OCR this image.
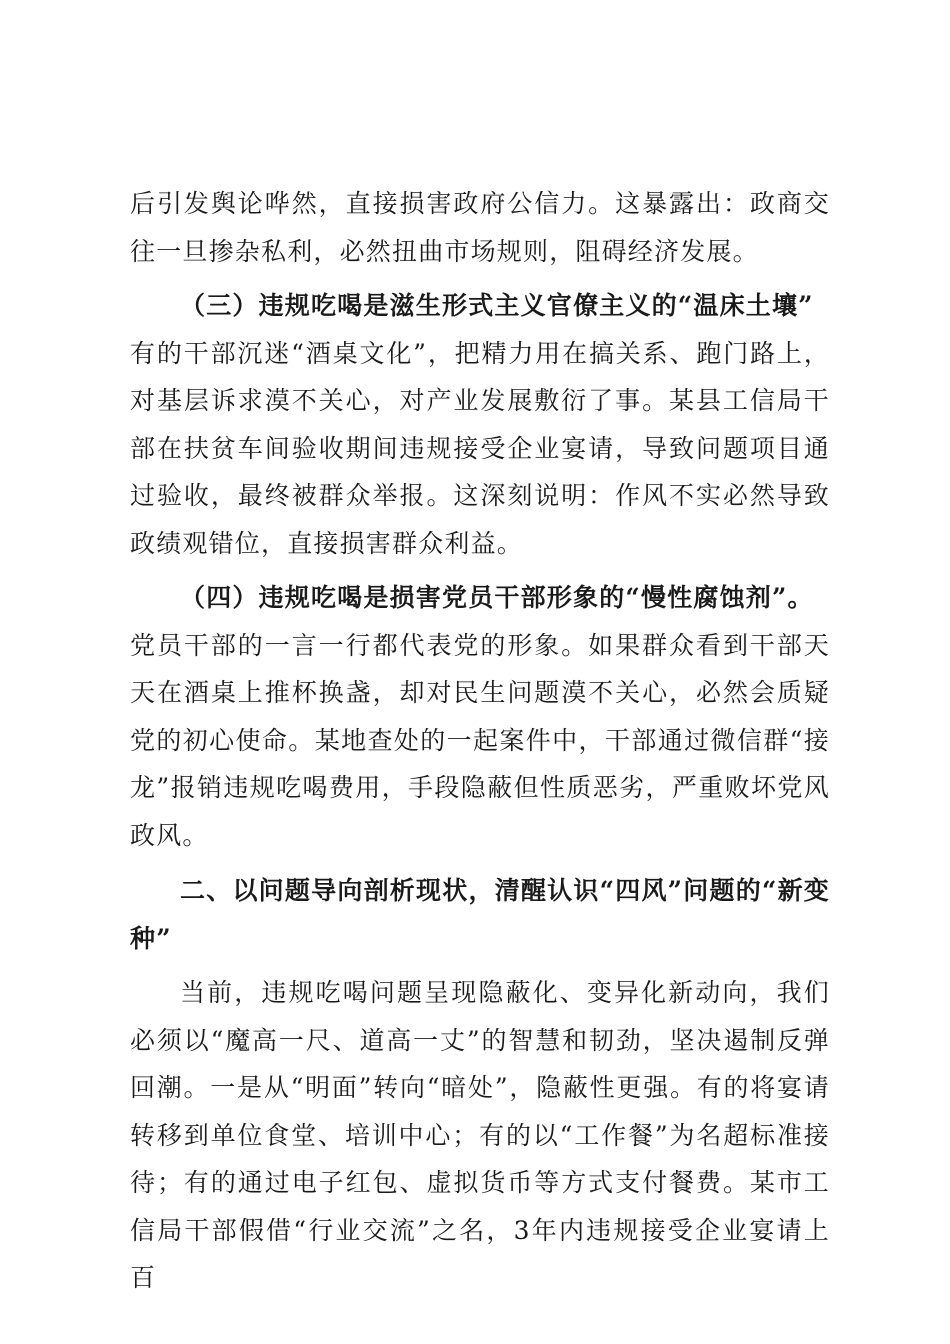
后引发舆论哗然，直接损害政府公信力。这暴露出：政商交往一旦掺杂私利，必然扭曲市场规则，阻碍经济发展。

（三）违规吃喝是滋生形式主义官僚主义的“温床土壤”

有的干部沉迷“酒桌文化”，把精力用在搞关系、跑门路上，对基层诉求漠不关心，对产业发展敷衍了事。某县工信局干部在扶贫车间验收期间违规接受企业宴请，导致问题项目通过验收，最终被群众举报。这深刻说明：作风不实必然导致政绩观错位，直接损害群众利益。

（四）违规吃喝是损害党员干部形象的“慢性腐蚀剂”。

党员干部的一言一行都代表党的形象。如果群众看到干部天天在酒桌上推杯换盏，却对民生问题漠不关心，必然会质疑党的初心使命。某地查处的一起案件中，干部通过微信群“接龙”报销违规吃喝费用，手段隐蔽但性质恶劣，严重败坏党风政风。

二、以问题导向剖析现状，清醒认识“四风”问题的“新变种”

当前，违规吃喝问题呈现隐蔽化、变异化新动向，我们必须以“魔高一尺、道高一丈”的智慧和韧劲，坚决遏制反弹回潮。一是从“明面”转向“暗处”，隐蔽性更强。有的将宴请转移到单位食堂、培训中心；有的以“工作餐”为名超标准接待；有的通过电子红包、虚拟货币等方式支付餐费。某市工信局干部假借“行业交流”之名，3年内违规接受企业宴请上百
